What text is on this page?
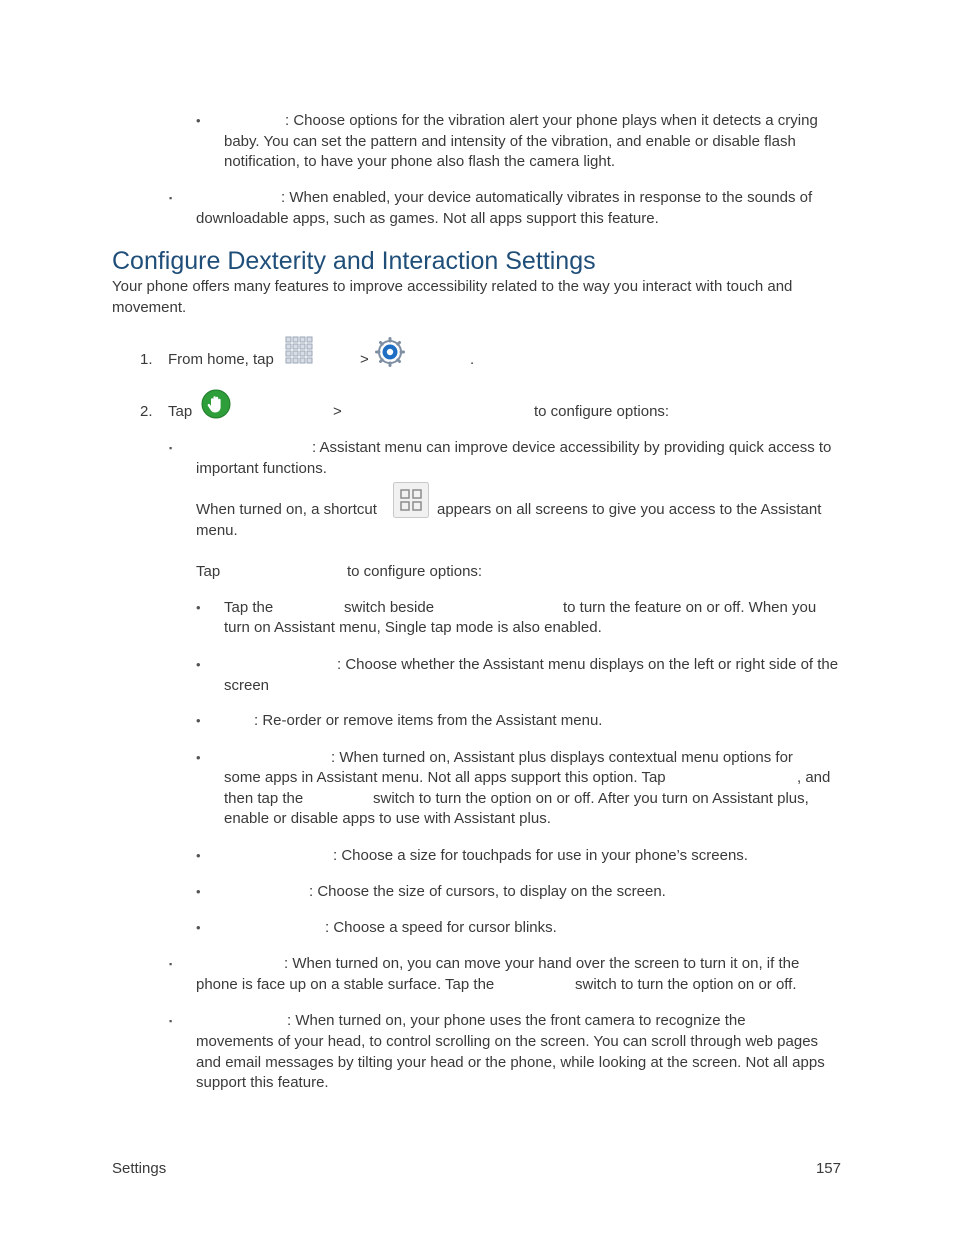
•	: Choose options for the vibration alert your phone plays when it detects a crying baby. You can set the pattern and intensity of the vibration, and enable or disable flash notification, to have your phone also flash the camera light.
▪	: When enabled, your device automatically vibrates in response to the sounds of downloadable apps, such as games. Not all apps support this feature.
Configure Dexterity and Interaction Settings
Your phone offers many features to improve accessibility related to the way you interact with touch and movement.
1. From home, tap	>	.
2. Tap	>	to configure options:
▪	: Assistant menu can improve device accessibility by providing quick access to important functions.
When turned on, a shortcut	appears on all screens to give you access to the Assistant menu.
Tap	to configure options:
• Tap the	switch beside	to turn the feature on or off. When you
turn on Assistant menu, Single tap mode is also enabled.
•	: Choose whether the Assistant menu displays on the left or right side of the screen
•	: Re-order or remove items from the Assistant menu.
•	: When turned on, Assistant plus displays contextual menu options for
some apps in Assistant menu. Not all apps support this option. Tap	, and
then tap the	switch to turn the option on or off. After you turn on Assistant plus,
enable or disable apps to use with Assistant plus.
•	: Choose a size for touchpads for use in your phone’s screens.
•	: Choose the size of cursors, to display on the screen.
•	: Choose a speed for cursor blinks.
▪	: When turned on, you can move your hand over the screen to turn it on, if the
phone is face up on a stable surface. Tap the	switch to turn the option on or off.
▪	: When turned on, your phone uses the front camera to recognize the
movements of your head, to control scrolling on the screen. You can scroll through web pages and email messages by tilting your head or the phone, while looking at the screen. Not all apps support this feature.
Settings	157
